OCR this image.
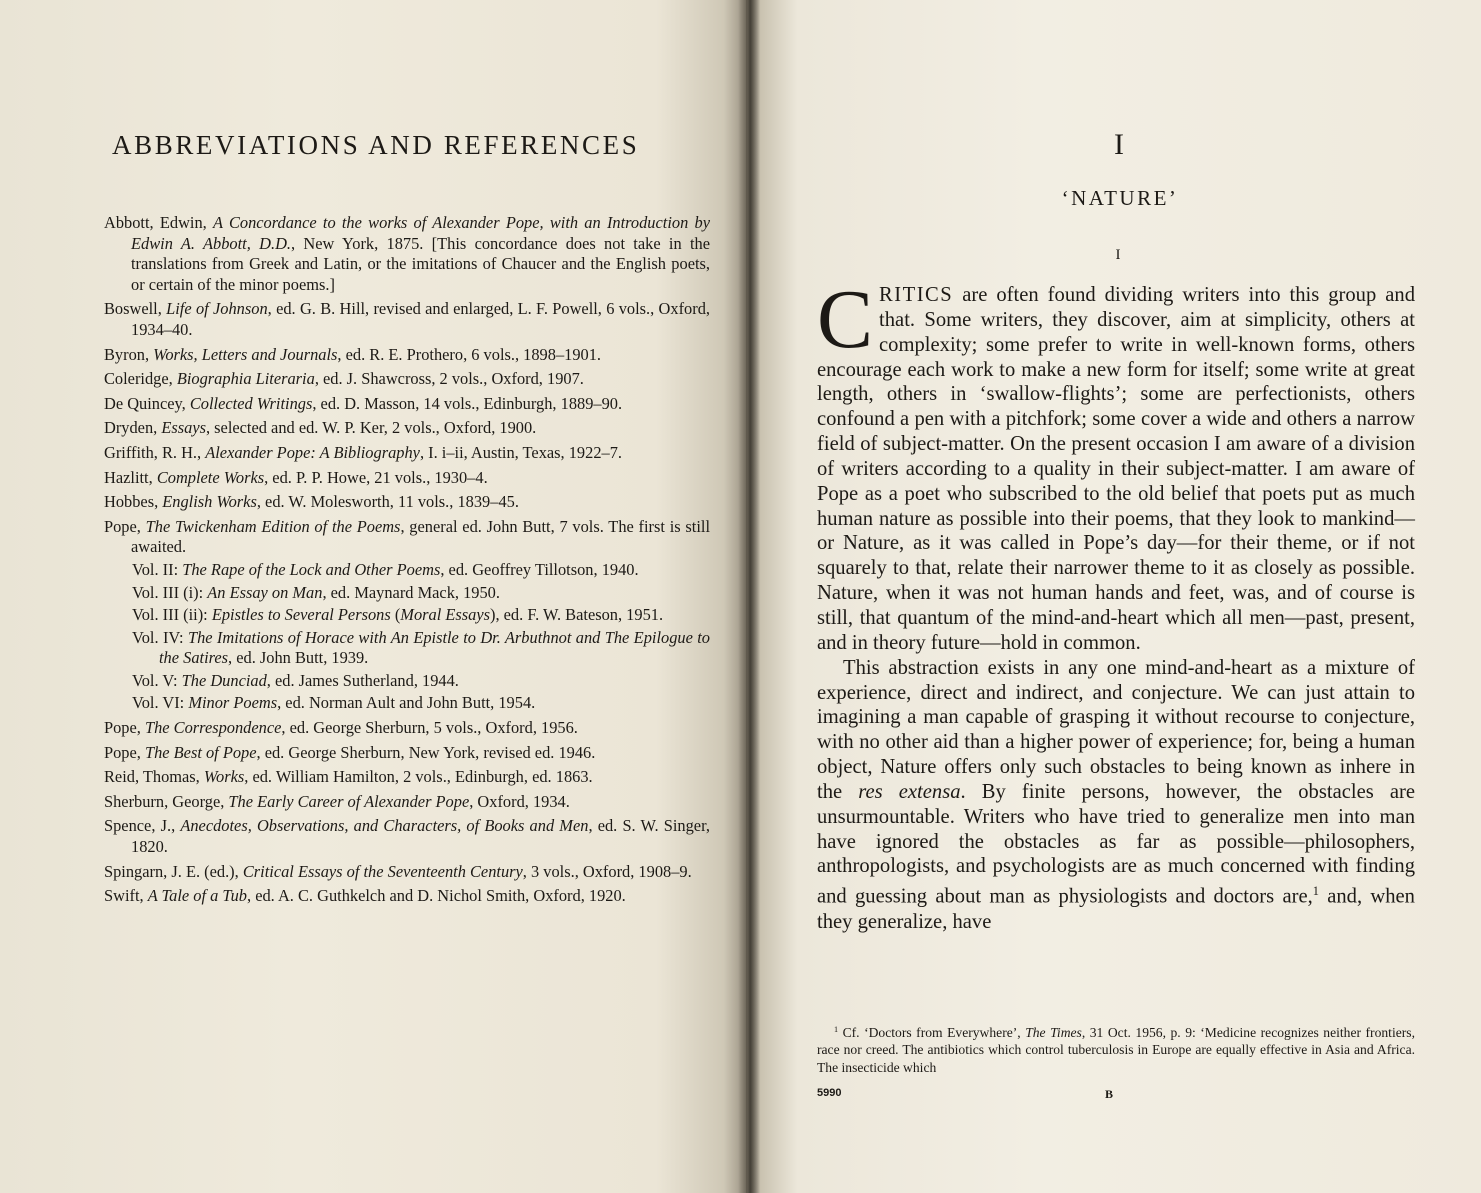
ABBREVIATIONS AND REFERENCES
Abbott, Edwin, A Concordance to the works of Alexander Pope, with an Introduction by Edwin A. Abbott, D.D., New York, 1875. [This concordance does not take in the translations from Greek and Latin, or the imitations of Chaucer and the English poets, or certain of the minor poems.]
Boswell, Life of Johnson, ed. G. B. Hill, revised and enlarged, L. F. Powell, 6 vols., Oxford, 1934–40.
Byron, Works, Letters and Journals, ed. R. E. Prothero, 6 vols., 1898–1901.
Coleridge, Biographia Literaria, ed. J. Shawcross, 2 vols., Oxford, 1907.
De Quincey, Collected Writings, ed. D. Masson, 14 vols., Edinburgh, 1889–90.
Dryden, Essays, selected and ed. W. P. Ker, 2 vols., Oxford, 1900.
Griffith, R. H., Alexander Pope: A Bibliography, I. i–ii, Austin, Texas, 1922–7.
Hazlitt, Complete Works, ed. P. P. Howe, 21 vols., 1930–4.
Hobbes, English Works, ed. W. Molesworth, 11 vols., 1839–45.
Pope, The Twickenham Edition of the Poems, general ed. John Butt, 7 vols. The first is still awaited.
Vol. II: The Rape of the Lock and Other Poems, ed. Geoffrey Tillotson, 1940.
Vol. III (i): An Essay on Man, ed. Maynard Mack, 1950.
Vol. III (ii): Epistles to Several Persons (Moral Essays), ed. F. W. Bateson, 1951.
Vol. IV: The Imitations of Horace with An Epistle to Dr. Arbuthnot and The Epilogue to the Satires, ed. John Butt, 1939.
Vol. V: The Dunciad, ed. James Sutherland, 1944.
Vol. VI: Minor Poems, ed. Norman Ault and John Butt, 1954.
Pope, The Correspondence, ed. George Sherburn, 5 vols., Oxford, 1956.
Pope, The Best of Pope, ed. George Sherburn, New York, revised ed. 1946.
Reid, Thomas, Works, ed. William Hamilton, 2 vols., Edinburgh, ed. 1863.
Sherburn, George, The Early Career of Alexander Pope, Oxford, 1934.
Spence, J., Anecdotes, Observations, and Characters, of Books and Men, ed. S. W. Singer, 1820.
Spingarn, J. E. (ed.), Critical Essays of the Seventeenth Century, 3 vols., Oxford, 1908–9.
Swift, A Tale of a Tub, ed. A. C. Guthkelch and D. Nichol Smith, Oxford, 1920.
I
‘NATURE’
I

CRITICS are often found dividing writers into this group and that. Some writers, they discover, aim at simplicity, others at complexity; some prefer to write in well-known forms, others encourage each work to make a new form for itself; some write at great length, others in ‘swallow-flights’; some are perfectionists, others confound a pen with a pitchfork; some cover a wide and others a narrow field of subject-matter. On the present occasion I am aware of a division of writers according to a quality in their subject-matter. I am aware of Pope as a poet who subscribed to the old belief that poets put as much human nature as possible into their poems, that they look to mankind—or Nature, as it was called in Pope’s day—for their theme, or if not squarely to that, relate their narrower theme to it as closely as possible. Nature, when it was not human hands and feet, was, and of course is still, that quantum of the mind-and-heart which all men—past, present, and in theory future—hold in common.

This abstraction exists in any one mind-and-heart as a mixture of experience, direct and indirect, and conjecture. We can just attain to imagining a man capable of grasping it without recourse to conjecture, with no other aid than a higher power of experience; for, being a human object, Nature offers only such obstacles to being known as inhere in the res extensa. By finite persons, however, the obstacles are unsurmountable. Writers who have tried to generalize men into man have ignored the obstacles as far as possible—philosophers, anthropologists, and psychologists are as much concerned with finding and guessing about man as physiologists and doctors are,$^1$ and, when they generalize, have

$^1$ Cf. ‘Doctors from Everywhere’, The Times, 31 Oct. 1956, p. 9: ‘Medicine recognizes neither frontiers, race nor creed. The antibiotics which control tuberculosis in Europe are equally effective in Asia and Africa. The insecticide which
5990	B
